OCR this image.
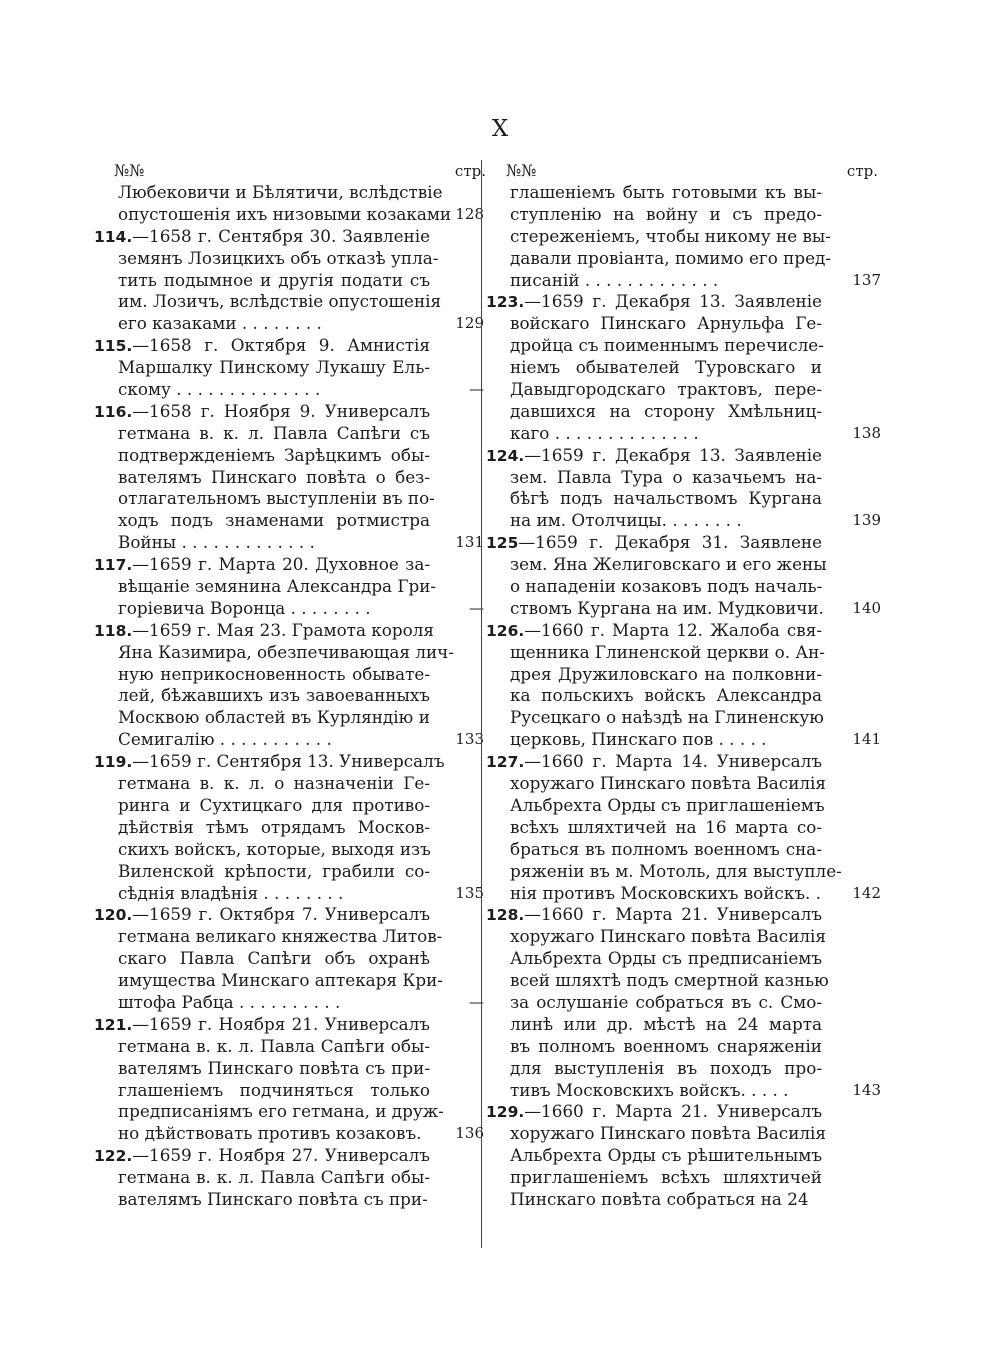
X
№№	стр.
Любековичи и Бѣлятичи, вслѣдствіе
опустошенія ихъ низовыми козаками 128
114.—1658 г. Сентября 30. Заявленіе
земянъ Лозицкихъ объ отказѣ упла-
тить подымное и другія подати съ
им. Лозичъ, вслѣдствіе опустошенія
его казаками . . . . . . . .	129
115.—1658 г. Октября 9. Амнистія
Маршалку Пинскому Лукашу Ель-
скому . . . . . . . . . . . . . .	—
116.—1658 г. Ноября 9. Универсалъ
гетмана в. к. л. Павла Сапѣги съ
подтвержденіемъ Зарѣцкимъ обы-
вателямъ Пинскаго повѣта о без-
отлагательномъ выступленіи въ по-
ходъ подъ знаменами ротмистра
Войны . . . . . . . . . . . . .	131
117.—1659 г. Марта 20. Духовное за-
вѣщаніе земянина Александра Гри-
горіевича Воронца . . . . . . . .	—
118.—1659 г. Мая 23. Грамота короля
Яна Казимира, обезпечивающая лич-
ную неприкосновенность обывате-
лей, бѣжавшихъ изъ завоеванныхъ
Москвою областей въ Курляндію и
Семигалію . . . . . . . . . . .	133
119.—1659 г. Сентября 13. Универсалъ
гетмана в. к. л. о назначеніи Ге-
ринга и Сухтицкаго для противо-
дѣйствія тѣмъ отрядамъ Москов-
скихъ войскъ, которые, выходя изъ
Виленской крѣпости, грабили со-
сѣднія владѣнія . . . . . . . .	135
120.—1659 г. Октября 7. Универсалъ
гетмана великаго княжества Литов-
скаго Павла Сапѣги объ охранѣ
имущества Минскаго аптекаря Кри-
штофа Рабца . . . . . . . . . .	—
121.—1659 г. Ноября 21. Универсалъ
гетмана в. к. л. Павла Сапѣги обы-
вателямъ Пинскаго повѣта съ при-
глашеніемъ подчиняться только
предписаніямъ его гетмана, и друж-
но дѣйствовать противъ козаковъ.	136
122.—1659 г. Ноября 27. Универсалъ
гетмана в. к. л. Павла Сапѣги обы-
вателямъ Пинскаго повѣта съ при-
№№	стр.
глашеніемъ быть готовыми къ вы-
ступленію на войну и съ предо-
стереженіемъ, чтобы никому не вы-
давали провіанта, помимо его пред-
писаній . . . . . . . . . . . . .	137
123.—1659 г. Декабря 13. Заявленіе
войскаго Пинскаго Арнульфа Ге-
дройца съ поименнымъ перечисле-
ніемъ обывателей Туровскаго и
Давыдгородскаго трактовъ, пере-
давшихся на сторону Хмѣльниц-
каго . . . . . . . . . . . . . .	138
124.—1659 г. Декабря 13. Заявленіе
зем. Павла Тура о казачьемъ на-
бѣгѣ подъ начальствомъ Кургана
на им. Отолчицы. . . . . . . .	139
125—1659 г. Декабря 31. Заявлене
зем. Яна Желиговскаго и его жены
о нападеніи козаковъ подъ началь-
ствомъ Кургана на им. Мудковичи.	140
126.—1660 г. Марта 12. Жалоба свя-
щенника Глиненской церкви о. Ан-
дрея Дружиловскаго на полковни-
ка польскихъ войскъ Александра
Русецкаго о наѣздѣ на Глиненскую
церковь, Пинскаго пов . . . . .	141
127.—1660 г. Марта 14. Универсалъ
хоружаго Пинскаго повѣта Василія
Альбрехта Орды съ приглашеніемъ
всѣхъ шляхтичей на 16 марта со-
браться въ полномъ военномъ сна-
ряженіи въ м. Мотоль, для выступле-
нія противъ Московскихъ войскъ. .	142
128.—1660 г. Марта 21. Универсалъ
хоружаго Пинскаго повѣта Василія
Альбрехта Орды съ предписаніемъ
всей шляхтѣ подъ смертной казнью
за ослушаніе собраться въ с. Смо-
линѣ или др. мѣстѣ на 24 марта
въ полномъ военномъ снаряженіи
для выступленія въ походъ про-
тивъ Московскихъ войскъ. . . . .	143
129.—1660 г. Марта 21. Универсалъ
хоружаго Пинскаго повѣта Василія
Альбрехта Орды съ рѣшительнымъ
приглашеніемъ всѣхъ шляхтичей
Пинскаго повѣта собраться на 24
